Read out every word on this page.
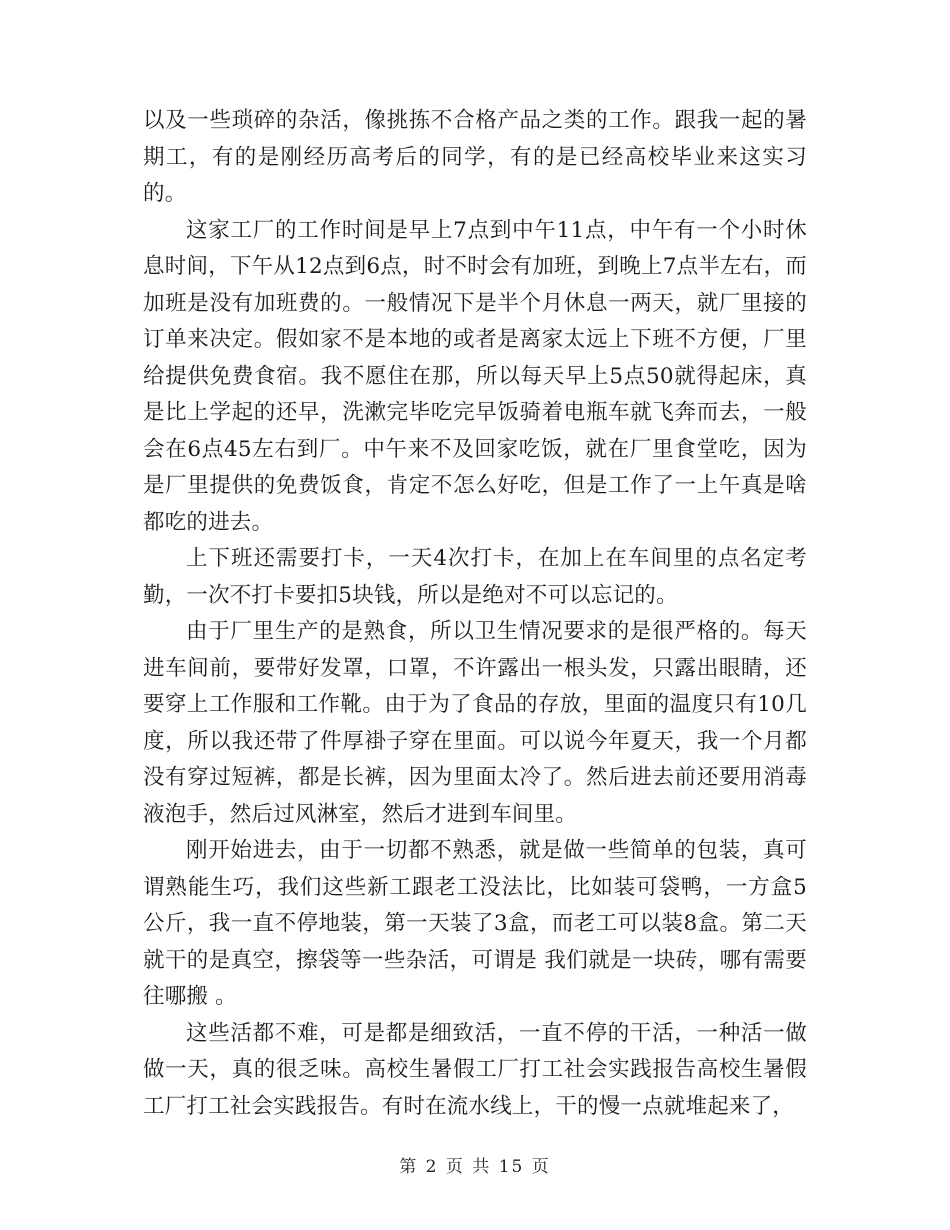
以及一些琐碎的杂活，像挑拣不合格产品之类的工作。跟我一起的暑期工，有的是刚经历高考后的同学，有的是已经高校毕业来这实习的。

这家工厂的工作时间是早上7点到中午11点，中午有一个小时休息时间，下午从12点到6点，时不时会有加班，到晚上7点半左右，而加班是没有加班费的。一般情况下是半个月休息一两天，就厂里接的订单来决定。假如家不是本地的或者是离家太远上下班不方便，厂里给提供免费食宿。我不愿住在那，所以每天早上5点50就得起床，真是比上学起的还早，洗漱完毕吃完早饭骑着电瓶车就飞奔而去，一般会在6点45左右到厂。中午来不及回家吃饭，就在厂里食堂吃，因为是厂里提供的免费饭食，肯定不怎么好吃，但是工作了一上午真是啥都吃的进去。

上下班还需要打卡，一天4次打卡，在加上在车间里的点名定考勤，一次不打卡要扣5块钱，所以是绝对不可以忘记的。

由于厂里生产的是熟食，所以卫生情况要求的是很严格的。每天进车间前，要带好发罩，口罩，不许露出一根头发，只露出眼睛，还要穿上工作服和工作靴。由于为了食品的存放，里面的温度只有10几度，所以我还带了件厚褂子穿在里面。可以说今年夏天，我一个月都没有穿过短裤，都是长裤，因为里面太冷了。然后进去前还要用消毒液泡手，然后过风淋室，然后才进到车间里。

刚开始进去，由于一切都不熟悉，就是做一些简单的包装，真可谓熟能生巧，我们这些新工跟老工没法比，比如装可袋鸭，一方盒5公斤，我一直不停地装，第一天装了3盒，而老工可以装8盒。第二天就干的是真空，擦袋等一些杂活，可谓是 我们就是一块砖，哪有需要往哪搬 。

这些活都不难，可是都是细致活，一直不停的干活，一种活一做做一天，真的很乏味。高校生暑假工厂打工社会实践报告高校生暑假工厂打工社会实践报告。有时在流水线上，干的慢一点就堆起来了，

第 2 页 共 15 页
